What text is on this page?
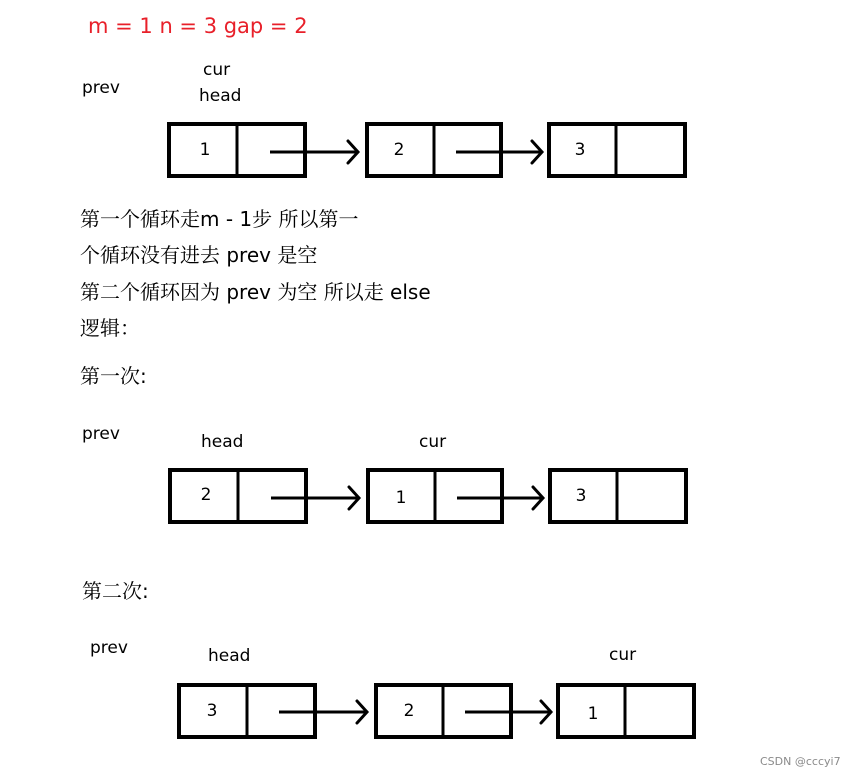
m = 1 n = 3 gap = 2
prev
cur
head
第一个循环走m - 1步 所以第一
个循环没有进去 prev 是空
第二个循环因为 prev 为空 所以走 else
逻辑：
第一次:
prev	head	cur
第二次:
prev	head	cur
CSDN @cccyi7
1	2	3
2	1	3
3	2	1
